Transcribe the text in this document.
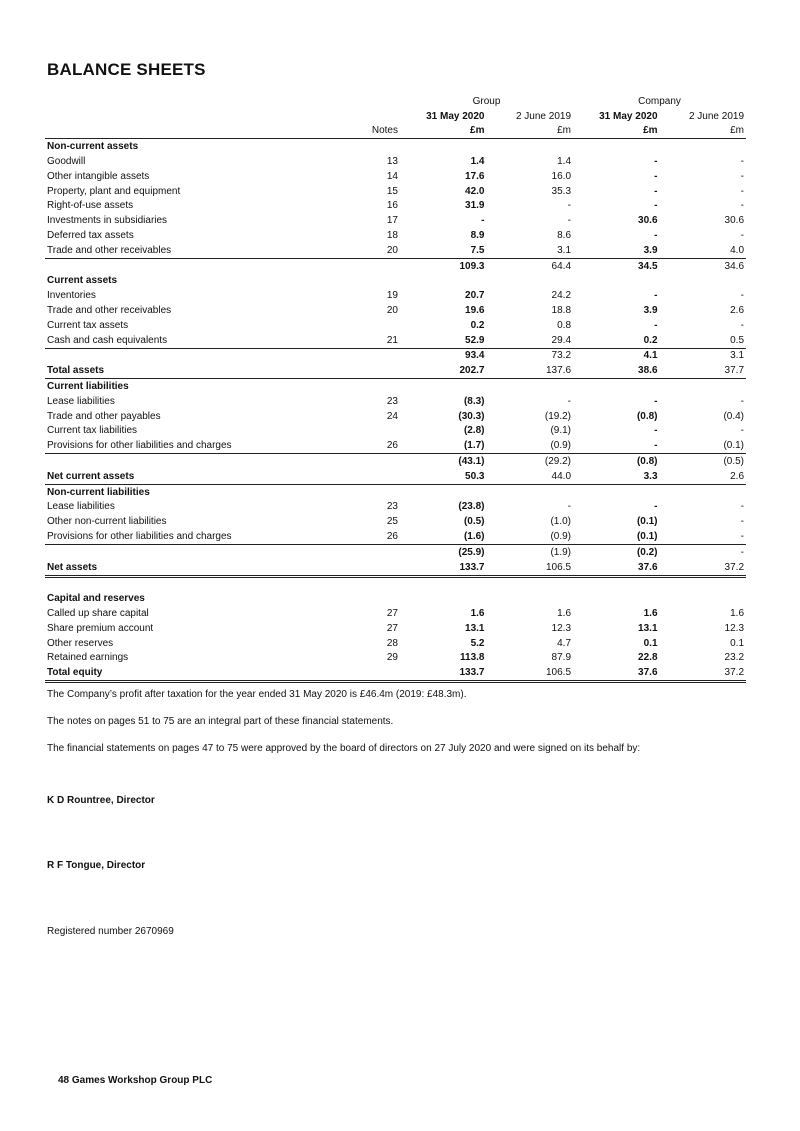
BALANCE SHEETS
		Group		Company	
		31 May 2020	2 June 2019	31 May 2020	2 June 2019
	Notes	£m	£m	£m	£m
Non-current assets					
Goodwill	13	1.4	1.4	-	-
Other intangible assets	14	17.6	16.0	-	-
Property, plant and equipment	15	42.0	35.3	-	-
Right-of-use assets	16	31.9	-	-	-
Investments in subsidiaries	17	-	-	30.6	30.6
Deferred tax assets	18	8.9	8.6	-	-
Trade and other receivables	20	7.5	3.1	3.9	4.0
		109.3	64.4	34.5	34.6
Current assets					
Inventories	19	20.7	24.2	-	-
Trade and other receivables	20	19.6	18.8	3.9	2.6
Current tax assets		0.2	0.8	-	-
Cash and cash equivalents	21	52.9	29.4	0.2	0.5
		93.4	73.2	4.1	3.1
Total assets		202.7	137.6	38.6	37.7
Current liabilities					
Lease liabilities	23	(8.3)	-	-	-
Trade and other payables	24	(30.3)	(19.2)	(0.8)	(0.4)
Current tax liabilities		(2.8)	(9.1)	-	-
Provisions for other liabilities and charges	26	(1.7)	(0.9)	-	(0.1)
		(43.1)	(29.2)	(0.8)	(0.5)
Net current assets		50.3	44.0	3.3	2.6
Non-current liabilities					
Lease liabilities	23	(23.8)	-	-	-
Other non-current liabilities	25	(0.5)	(1.0)	(0.1)	-
Provisions for other liabilities and charges	26	(1.6)	(0.9)	(0.1)	-
		(25.9)	(1.9)	(0.2)	-
Net assets		133.7	106.5	37.6	37.2

Capital and reserves					
Called up share capital	27	1.6	1.6	1.6	1.6
Share premium account	27	13.1	12.3	13.1	12.3
Other reserves	28	5.2	4.7	0.1	0.1
Retained earnings	29	113.8	87.9	22.8	23.2
Total equity		133.7	106.5	37.6	37.2
The Company’s profit after taxation for the year ended 31 May 2020 is £46.4m (2019: £48.3m).
The notes on pages 51 to 75 are an integral part of these financial statements.
The financial statements on pages 47 to 75 were approved by the board of directors on 27 July 2020 and were signed on its behalf by:
K D Rountree, Director
R F Tongue, Director
Registered number 2670969
48 Games Workshop Group PLC
